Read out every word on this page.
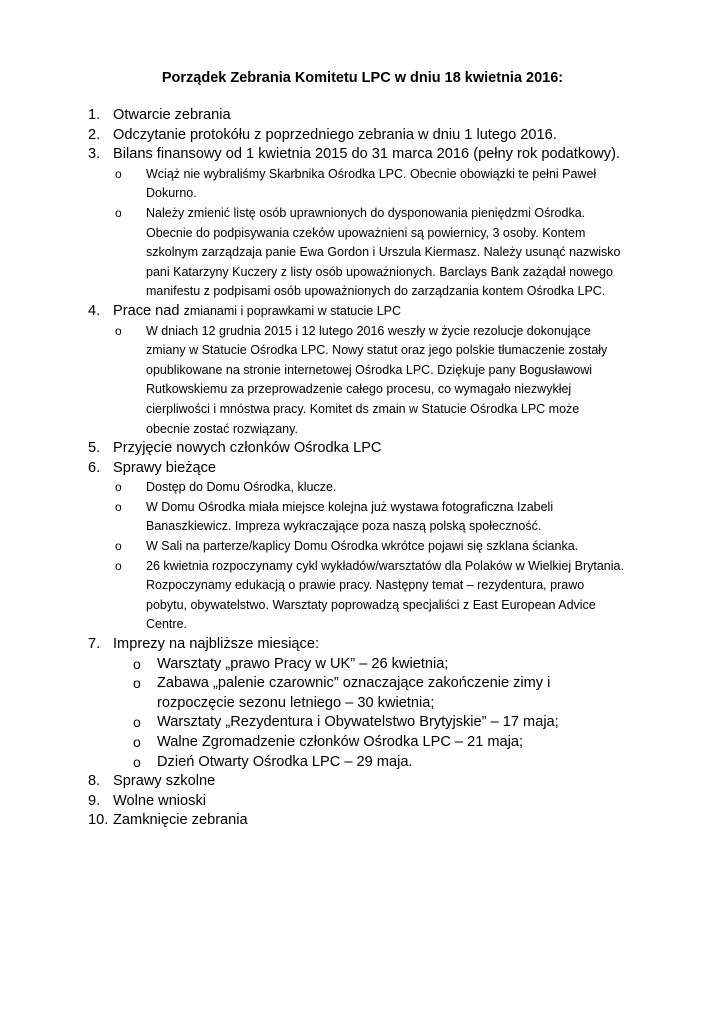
Porządek Zebrania Komitetu LPC w dniu 18 kwietnia 2016:
1. Otwarcie zebrania
2. Odczytanie protokółu z poprzedniego zebrania w dniu 1 lutego 2016.
3. Bilans finansowy od 1 kwietnia 2015 do 31 marca 2016 (pełny rok podatkowy).
o Wciąż nie wybraliśmy Skarbnika Ośrodka LPC. Obecnie obowiązki te pełni Paweł Dokurno.
o Należy zmienić listę osób uprawnionych do dysponowania pieniędzmi Ośrodka. Obecnie do podpisywania czeków upoważnieni są powiernicy, 3 osoby. Kontem szkolnym zarządzaja panie Ewa Gordon i Urszula Kiermasz. Należy usunąć nazwisko pani Katarzyny Kuczery z listy osób upoważnionych. Barclays Bank zażądał nowego manifestu z podpisami osób upoważnionych do zarządzania kontem Ośrodka LPC.
4. Prace nad zmianami i poprawkami w statucie LPC
o W dniach 12 grudnia 2015 i 12 lutego 2016 weszły w życie rezolucje dokonujące zmiany w Statucie Ośrodka LPC. Nowy statut oraz jego polskie tłumaczenie zostały opublikowane na stronie internetowej Ośrodka LPC. Dziękuje pany Bogusławowi Rutkowskiemu za przeprowadzenie całego procesu, co wymagało niezwykłej cierpliwości i mnóstwa pracy. Komitet ds zmain w Statucie Ośrodka LPC może obecnie zostać rozwiązany.
5. Przyjęcie nowych członków Ośrodka LPC
6. Sprawy bieżące
o Dostęp do Domu Ośrodka, klucze.
o W Domu Ośrodka miała miejsce kolejna już wystawa fotograficzna Izabeli Banaszkiewicz. Impreza wykraczające poza naszą polską społeczność.
o W Sali na parterze/kaplicy Domu Ośrodka wkrótce pojawi się szklana ścianka.
o 26 kwietnia rozpoczynamy cykl wykładów/warsztatów dla Polaków w Wielkiej Brytania. Rozpoczynamy edukacją o prawie pracy. Następny temat – rezydentura, prawo pobytu, obywatelstwo. Warsztaty poprowadzą specjaliści z East European Advice Centre.
7. Imprezy na najbliższe miesiące:
o Warsztaty „prawo Pracy w UK” – 26 kwietnia;
o Zabawa „palenie czarownic” oznaczające zakończenie zimy i rozpoczęcie sezonu letniego – 30 kwietnia;
o Warsztaty „Rezydentura i Obywatelstwo Brytyjskie” – 17 maja;
o Walne Zgromadzenie członków Ośrodka LPC – 21 maja;
o Dzień Otwarty Ośrodka LPC – 29 maja.
8. Sprawy szkolne
9. Wolne wnioski
10. Zamknięcie zebrania
